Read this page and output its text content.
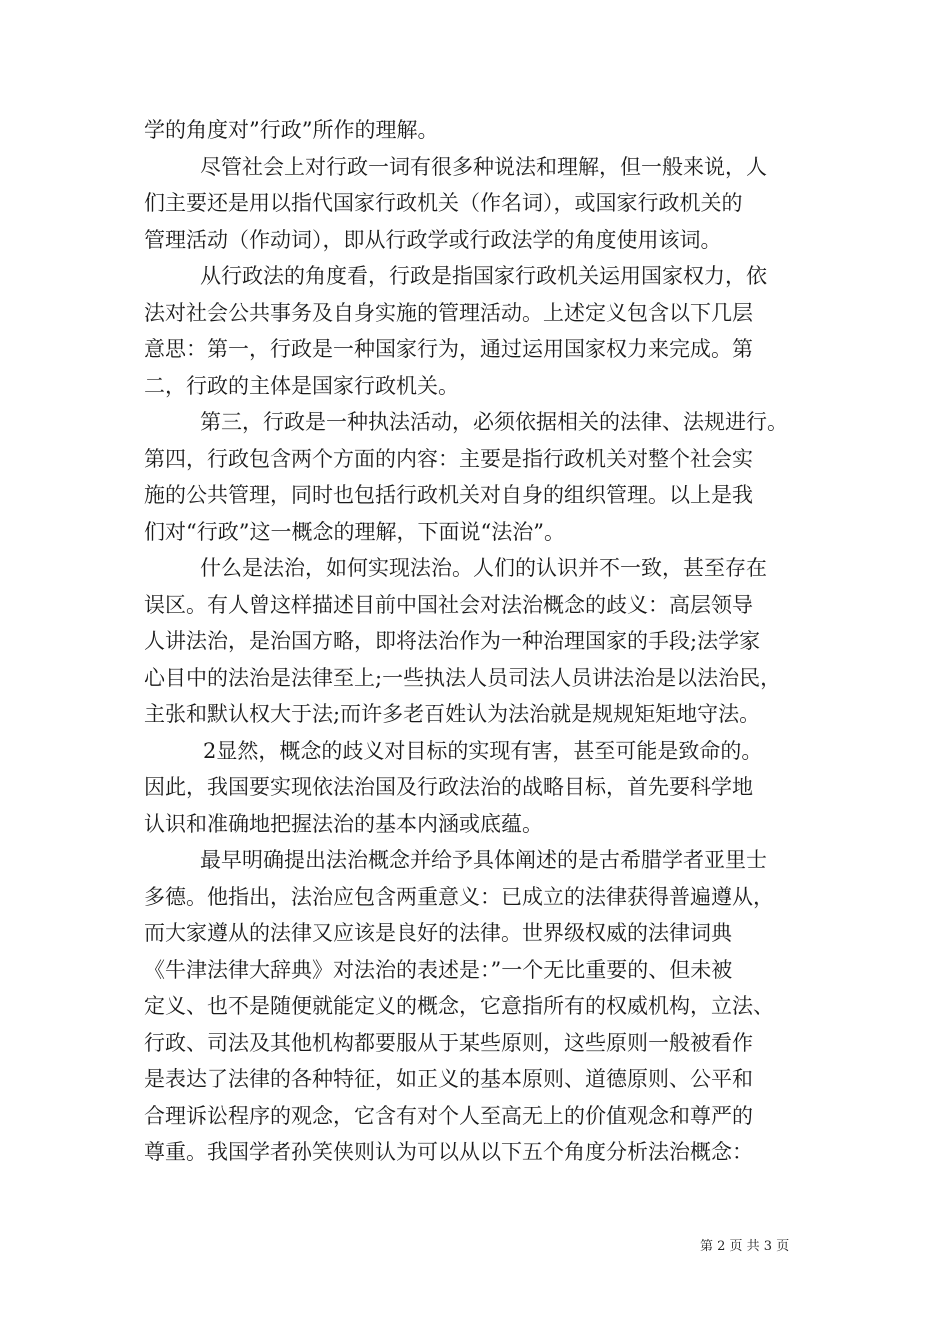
学的角度对”行政”所作的理解。
尽管社会上对行政一词有很多种说法和理解，但一般来说，人
们主要还是用以指代国家行政机关（作名词），或国家行政机关的
管理活动（作动词），即从行政学或行政法学的角度使用该词。
从行政法的角度看，行政是指国家行政机关运用国家权力，依
法对社会公共事务及自身实施的管理活动。上述定义包含以下几层
意思：第一，行政是一种国家行为，通过运用国家权力来完成。第
二，行政的主体是国家行政机关。
第三，行政是一种执法活动，必须依据相关的法律、法规进行。
第四，行政包含两个方面的内容：主要是指行政机关对整个社会实
施的公共管理，同时也包括行政机关对自身的组织管理。以上是我
们对“行政”这一概念的理解，下面说“法治”。
什么是法治，如何实现法治。人们的认识并不一致，甚至存在
误区。有人曾这样描述目前中国社会对法治概念的歧义：高层领导
人讲法治，是治国方略，即将法治作为一种治理国家的手段;法学家
心目中的法治是法律至上;一些执法人员司法人员讲法治是以法治民，
主张和默认权大于法;而许多老百姓认为法治就是规规矩矩地守法。
2显然，概念的歧义对目标的实现有害，甚至可能是致命的。
因此，我国要实现依法治国及行政法治的战略目标，首先要科学地
认识和准确地把握法治的基本内涵或底蕴。
最早明确提出法治概念并给予具体阐述的是古希腊学者亚里士
多德。他指出，法治应包含两重意义：已成立的法律获得普遍遵从，
而大家遵从的法律又应该是良好的法律。世界级权威的法律词典
《牛津法律大辞典》对法治的表述是：”一个无比重要的、但未被
定义、也不是随便就能定义的概念，它意指所有的权威机构，立法、
行政、司法及其他机构都要服从于某些原则，这些原则一般被看作
是表达了法律的各种特征，如正义的基本原则、道德原则、公平和
合理诉讼程序的观念，它含有对个人至高无上的价值观念和尊严的
尊重。我国学者孙笑侠则认为可以从以下五个角度分析法治概念：
第 2 页 共 3 页
